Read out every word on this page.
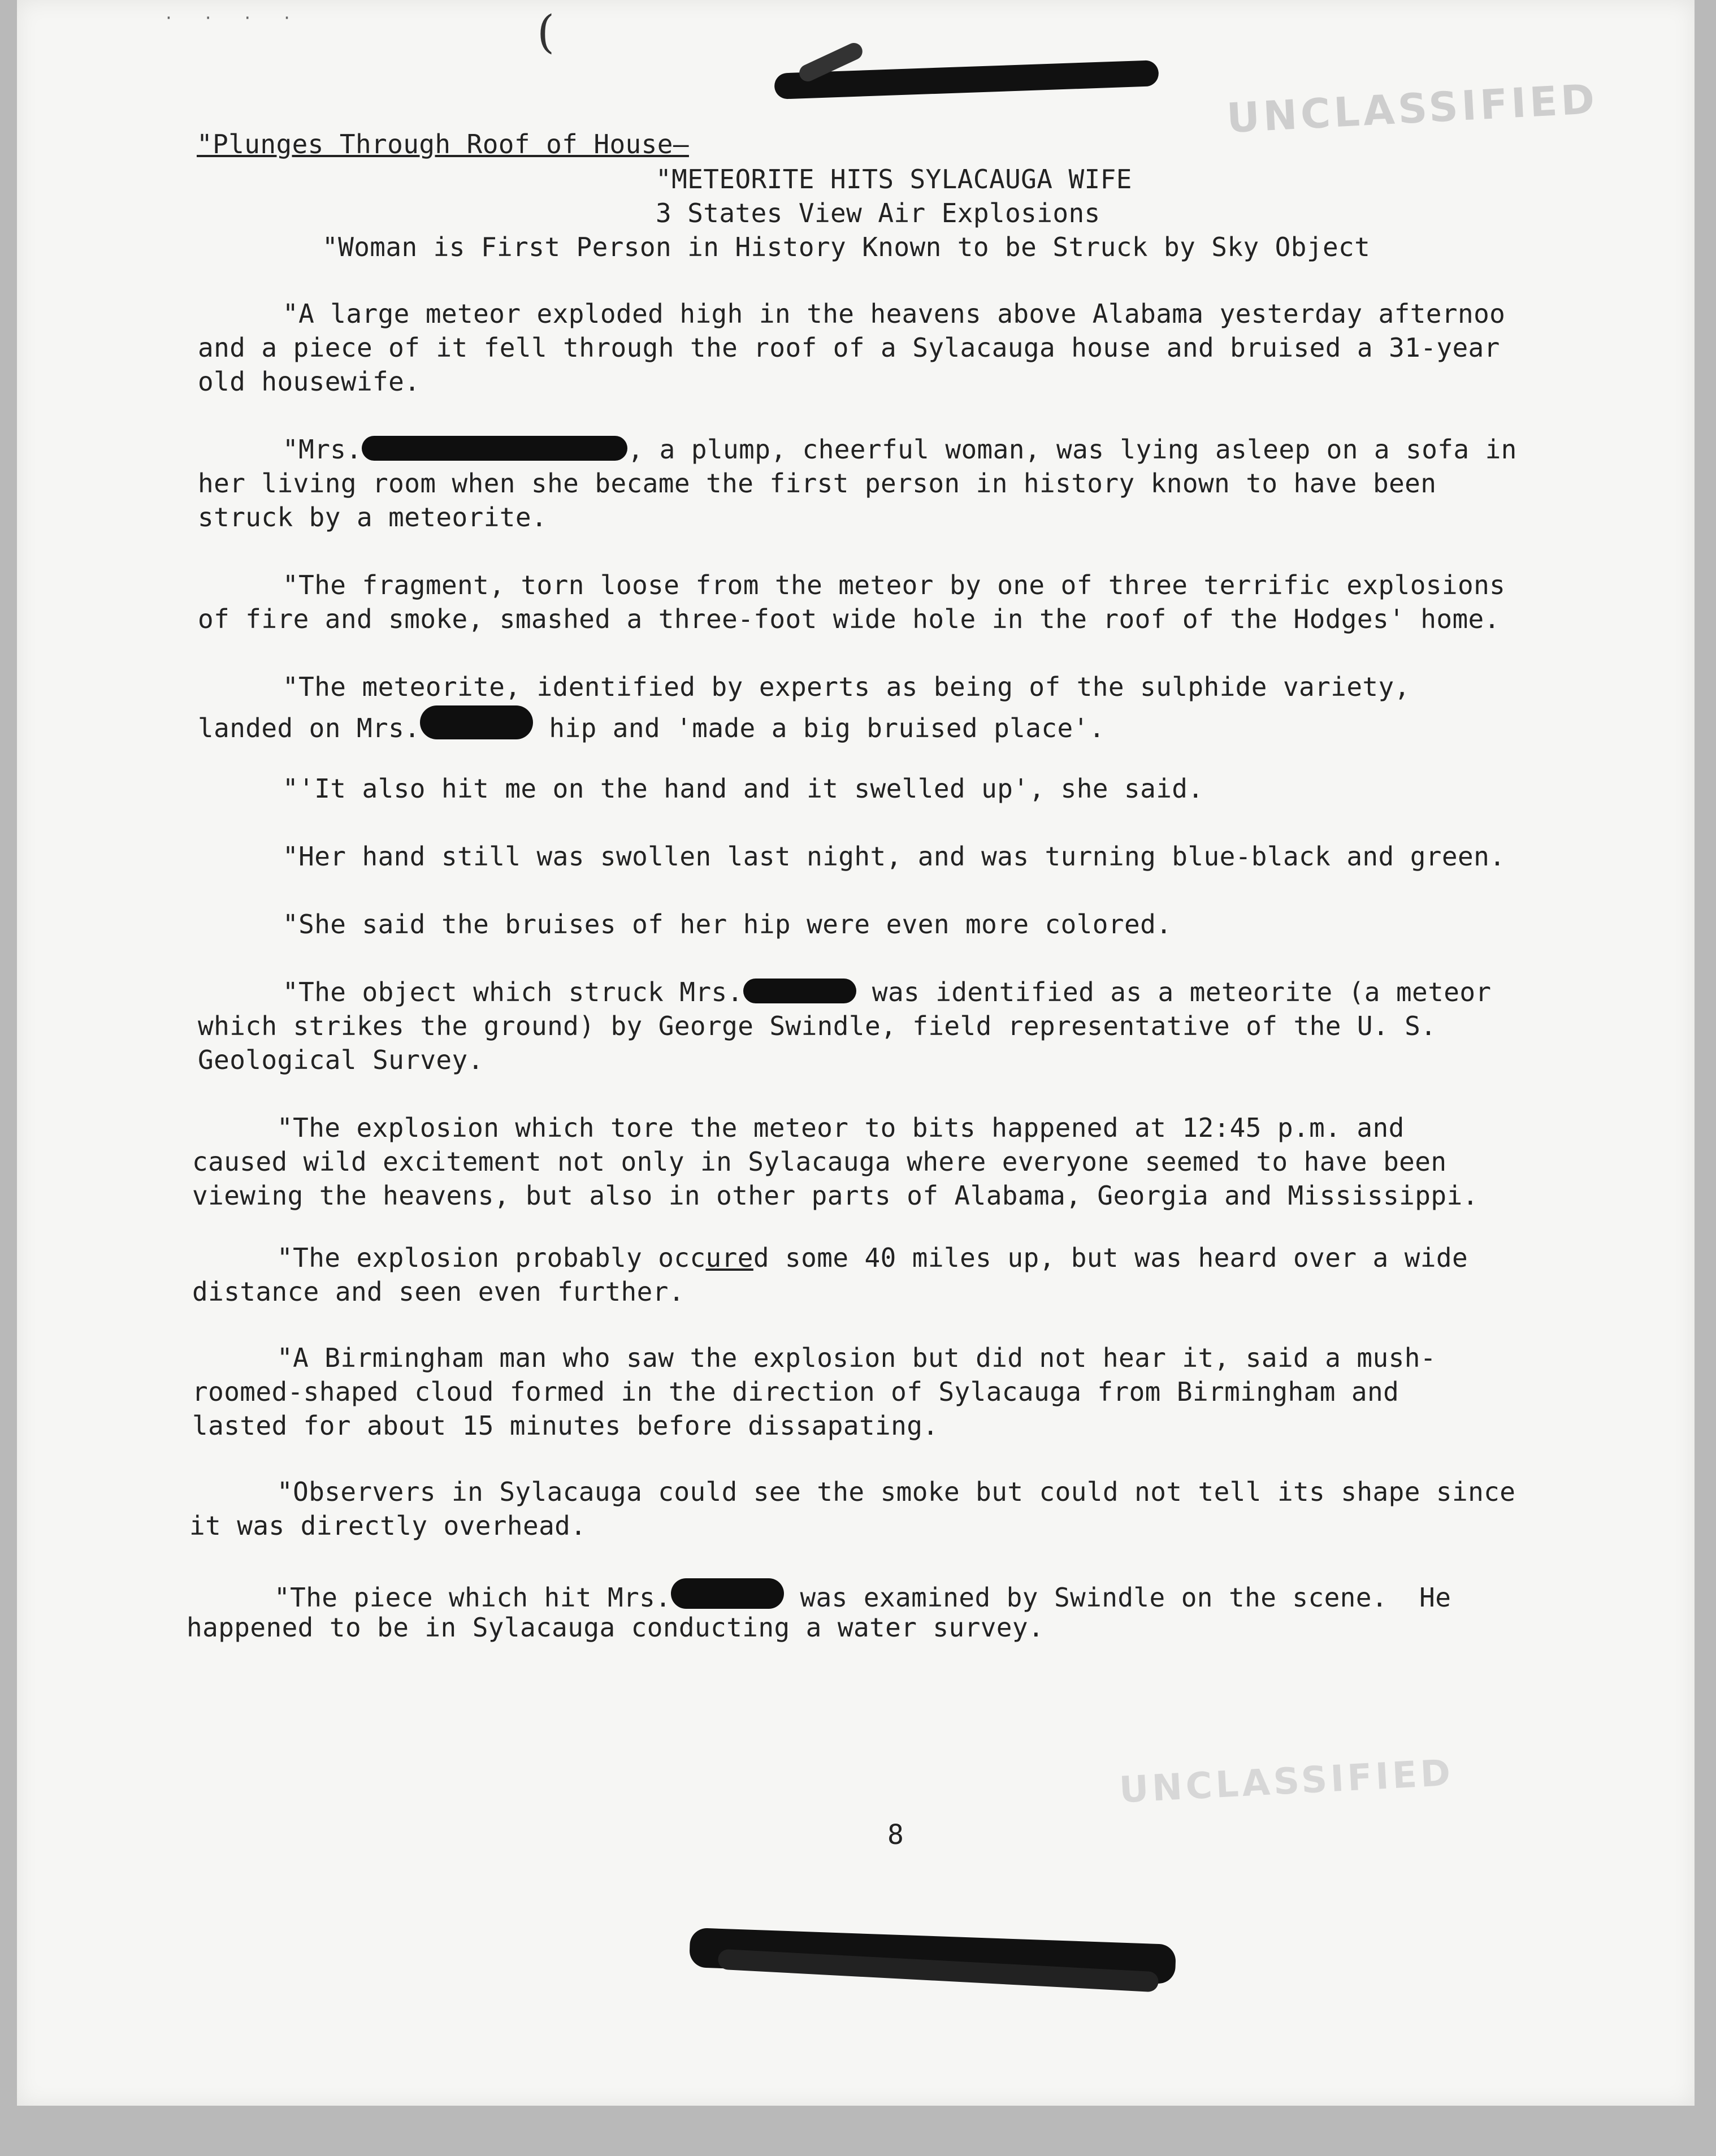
· · · ·	(
UNCLASSIFIED
UNCLASSIFIED
"Plunges Through Roof of House—
"METEORITE HITS SYLACAUGA WIFE
3 States View Air Explosions
"Woman is First Person in History Known to be Struck by Sky Object
"A large meteor exploded high in the heavens above Alabama yesterday afternoo
and a piece of it fell through the roof of a Sylacauga house and bruised a 31-year
old housewife.
"Mrs.	, a plump, cheerful woman, was lying asleep on a sofa in
her living room when she became the first person in history known to have been
struck by a meteorite.
"The fragment, torn loose from the meteor by one of three terrific explosions
of fire and smoke, smashed a three-foot wide hole in the roof of the Hodges' home.
"The meteorite, identified by experts as being of the sulphide variety,
landed on Mrs.	hip and 'made a big bruised place'.
"'It also hit me on the hand and it swelled up', she said.
"Her hand still was swollen last night, and was turning blue-black and green.
"She said the bruises of her hip were even more colored.
"The object which struck Mrs.	was identified as a meteorite (a meteor
which strikes the ground) by George Swindle, field representative of the U. S.
Geological Survey.
"The explosion which tore the meteor to bits happened at 12:45 p.m. and
caused wild excitement not only in Sylacauga where everyone seemed to have been
viewing the heavens, but also in other parts of Alabama, Georgia and Mississippi.
"The explosion probably occured some 40 miles up, but was heard over a wide
distance and seen even further.
"A Birmingham man who saw the explosion but did not hear it, said a mush-
roomed-shaped cloud formed in the direction of Sylacauga from Birmingham and
lasted for about 15 minutes before dissapating.
"Observers in Sylacauga could see the smoke but could not tell its shape since
it was directly overhead.
"The piece which hit Mrs.	was examined by Swindle on the scene.  He
happened to be in Sylacauga conducting a water survey.
8
